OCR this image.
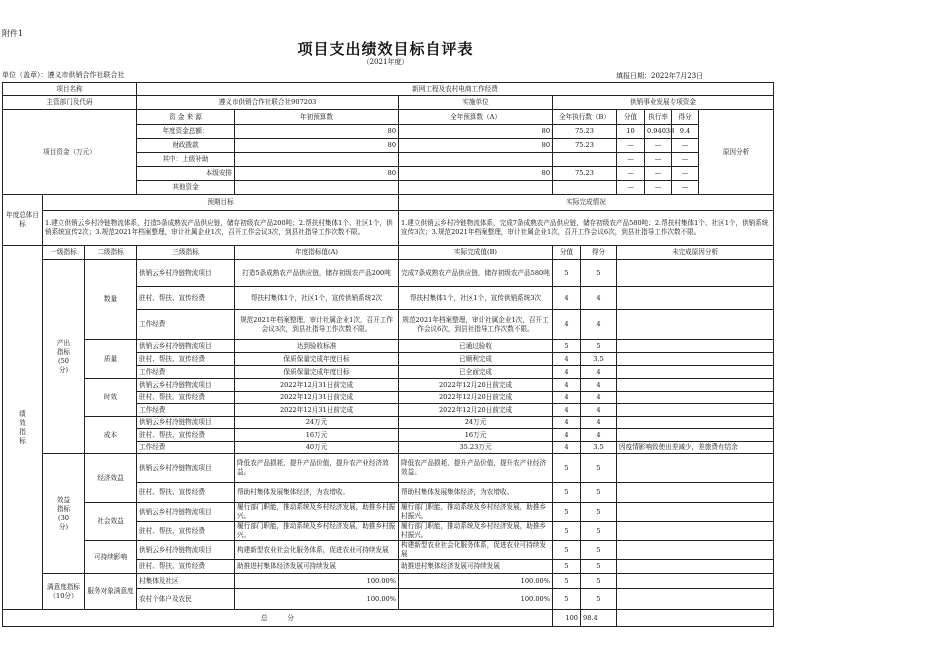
附件1
项目支出绩效目标自评表
（2021年度）
单位（盖章）：遵义市供销合作社联合社	填报日期：2022年7月23日
项目名称			新网工程及农村电商工作经费								
主管部门及代码			遵义市供销合作社联合社907203		实施单位	供销事业发展专项资金					
项目资金（万元）			资 金 来 源	年初预算数	全年预算数（A）	全年执行数（B）		分值	执行率	得分	原因分析
			年度资金总额：	80	80	75.23		10	0.94038	9.4	
			财政拨款	80	80	75.23		—	—	—	
			其中：上级补助					—	—	—	
			本级安排	80	80	75.23		—	—	—	
			其他资金					—	—	—	
年度总体目标	预期目标				实际完成情况						
	1.建立供销云乡村冷链物流体系，打造5条成熟农产品供应链，储存初级农产品200吨；2.帮扶村集体1个、社区1个，供销系统宣传2次；3.规范2021年档案整理，审计社属企业1次，召开工作会议3次，到县社指导工作次数不限。				1.建立供销云乡村冷链物流体系，完成7条成熟农产品供应链，储存初级农产品580吨；2.帮扶村集体1个、社区1个，供销系统宣传3次；3.规范2021年档案整理，审计社属企业1次，召开工作会议6次，到县社指导工作次数不限。						
绩效指标	一级指标	二级指标	三级指标	年度指标值(A)	实际完成值(B)	分值	得分	未完成原因分析			
	产出指标(50分)	数量	供销云乡村冷链物流项目	打造5条成熟农产品供应链，储存初级农产品200吨	完成7条成熟农产品供应链，储存初级农产品580吨	5	5				
			驻村、帮扶、宣传经费	帮扶村集体1个，社区1个，宣传供销系统2次	帮扶村集体1个，社区1个，宣传供销系统3次	4	4				
			工作经费	规范2021年档案整理，审计社属企业1次，召开工作会议3次，到县社指导工作次数不限。	规范2021年档案整理，审计社属企业1次，召开工作会议6次，到县社指导工作次数不限。	4	4				
		质量	供销云乡村冷链物流项目	达到验收标准	已通过验收	5	5				
			驻村、帮扶、宣传经费	保质保量完成年度目标	已顺利完成	4	3.5				
			工作经费	保质保量完成年度目标	已全面完成	4	4				
		时效	供销云乡村冷链物流项目	2022年12月31日前完成	2022年12月20日前完成	4	4				
			驻村、帮扶、宣传经费	2022年12月31日前完成	2022年12月20日前完成	4	4				
			工作经费	2022年12月31日前完成	2022年12月20日前完成	4	4				
		成本	供销云乡村冷链物流项目	24万元	24万元	4	4				
			驻村、帮扶、宣传经费	16万元	16万元	4	4				
			工作经费	40万元	35.23万元	4	3.5	因疫情影响致使出差减少，差旅费有结余			
	效益指标(30分)	经济效益	供销云乡村冷链物流项目	降低农产品损耗，提升产品价值，提升农产业经济效益。	降低农产品损耗，提升产品价值，提升农产业经济效益。	5	5				
			驻村、帮扶、宣传经费	帮助村集体发展集体经济，为农增收。	帮助村集体发展集体经济，为农增收。	5	5				
		社会效益	供销云乡村冷链物流项目	履行部门职能，推动系统及乡村经济发展，助推乡村振兴。	履行部门职能，推动系统及乡村经济发展，助推乡村振兴。	5	5				
			驻村、帮扶、宣传经费	履行部门职能，推动系统及乡村经济发展，助推乡村振兴。	履行部门职能，推动系统及乡村经济发展，助推乡村振兴。	5	5				
		可持续影响	供销云乡村冷链物流项目	构建新型农业社会化服务体系，促进农业可持续发展	构建新型农业社会化服务体系，促进农业可持续发展	5	5				
			驻村、帮扶、宣传经费	助推进村集体经济发展可持续发展	助推进村集体经济发展可持续发展	5	5				
	满意度指标（10分）	服务对象满意度	村集体及社区	100.00%	100.00%	5	5				
			农村个体户及农民	100.00%	100.00%	5	5				
总　　　分						100	98.4				
